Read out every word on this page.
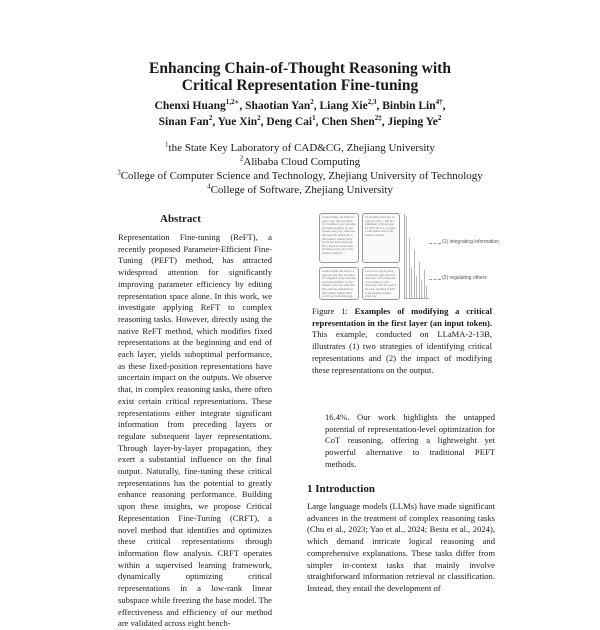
Enhancing Chain-of-Thought Reasoning with
Critical Representation Fine-tuning
Chenxi Huang$^{1,2∗}$, Shaotian Yan$^2$, Liang Xie$^{2,3}$, Binbin Lin$^{4\dagger}$,
Sinan Fan$^2$, Yue Xin$^2$, Deng Cai$^1$, Chen Shen$^{2\ddagger}$, Jieping Ye$^2$
$^1$the State Key Laboratory of CAD&CG, Zhejiang University
$^2$Alibaba Cloud Computing
$^3$College of Computer Science and Technology, Zhejiang University of Technology
$^4$College of Software, Zhejiang University
Abstract

Representation Fine-tuning (ReFT), a recently proposed Parameter-Efficient Fine-Tuning (PEFT) method, has attracted widespread attention for significantly improving parameter efficiency by editing representation space alone. In this work, we investigate applying ReFT to complex reasoning tasks. However, directly using the native ReFT method, which modifies fixed representations at the beginning and end of each layer, yields suboptimal performance, as these fixed-position representations have uncertain impact on the outputs. We observe that, in complex reasoning tasks, there often exist certain critical representations. These representations either integrate significant information from preceding layers or regulate subsequent layer representations. Through layer-by-layer propagation, they exert a substantial influence on the final output. Naturally, fine-tuning these critical representations has the potential to greatly enhance reasoning performance. Building upon these insights, we propose Critical Representation Fine-Tuning (CRFT), a novel method that identifies and optimizes these critical representations through information flow analysis. CRFT operates within a supervised learning framework, dynamically optimizing critical representations in a low-rank linear subspace while freezing the base model. The effectiveness and efficiency of our method are validated across eight bench-

Joanna Wilde, the baby 14 eggs a day. She eats three for breakfast every morning and bakes muffins for her friends every day with four. She sells the remainder at the farmers' market daily for $2 per fresh duck egg. How much in dollars does she make every day at the farmers' market?
16 (Joanna's duck lay 16 eggs per day) ... sell the remainder at $2 per egg for $18 (16-3-4 = 9 eggs) so she makes $18 at the farmers' market
Joanna Wilde, the baby 14 eggs per day. She eats three for breakfast every morning and bakes muffins for her friends every day with four. She sells the remainder at the farmers' market daily for $2 per fresh duck egg. How much in dollars does
Let's solve step-by-step. Joanna has eggs laid and then uses 3 for eating and 4 for baking, so this leaves her with 9 to sell at $2 each, resulting in $18 at the farmers' market every day
(1) integrating information
(2) regulating others
Figure 1: Examples of modifying a critical representation in the first layer (an input token). This example, conducted on LLaMA-2-13B, illustrates (1) two strategies of identifying critical representations and (2) the impact of modifying these representations on the output.
16.4%. Our work highlights the untapped potential of representation-level optimization for CoT reasoning, offering a lightweight yet powerful alternative to traditional PEFT methods.
1 Introduction
Large language models (LLMs) have made significant advances in the treatment of complex reasoning tasks (Chu et al., 2023; Yao et al., 2024; Besta et al., 2024), which demand intricate logical reasoning and comprehensive explanations. These tasks differ from simpler in-context tasks that mainly involve straightforward information retrieval or classification. Instead, they entail the development of
